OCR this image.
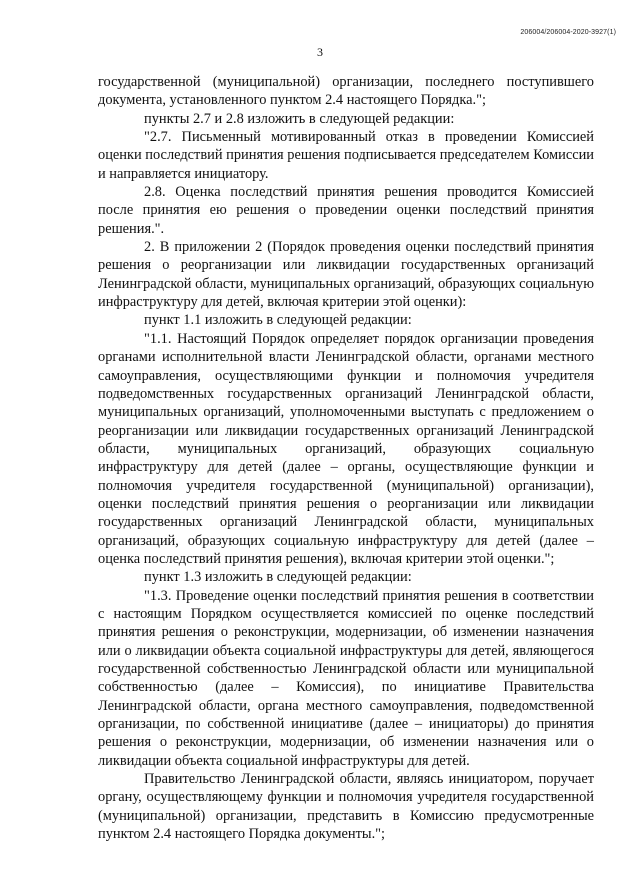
206004/206004-2020-3927(1)
3

государственной (муниципальной) организации, последнего поступившего документа, установленного пунктом 2.4 настоящего Порядка.";

пункты 2.7 и 2.8 изложить в следующей редакции:

"2.7. Письменный мотивированный отказ в проведении Комиссией оценки последствий принятия решения подписывается председателем Комиссии и направляется инициатору.

2.8. Оценка последствий принятия решения проводится Комиссией после принятия ею решения о проведении оценки последствий принятия решения.".

2. В приложении 2 (Порядок проведения оценки последствий принятия решения о реорганизации или ликвидации государственных организаций Ленинградской области, муниципальных организаций, образующих социальную инфраструктуру для детей, включая критерии этой оценки):

пункт 1.1 изложить в следующей редакции:

"1.1. Настоящий Порядок определяет порядок организации проведения органами исполнительной власти Ленинградской области, органами местного самоуправления, осуществляющими функции и полномочия учредителя подведомственных государственных организаций Ленинградской области, муниципальных организаций, уполномоченными выступать с предложением о реорганизации или ликвидации государственных организаций Ленинградской области, муниципальных организаций, образующих социальную инфраструктуру для детей (далее – органы, осуществляющие функции и полномочия учредителя государственной (муниципальной) организации), оценки последствий принятия решения о реорганизации или ликвидации государственных организаций Ленинградской области, муниципальных организаций, образующих социальную инфраструктуру для детей (далее – оценка последствий принятия решения), включая критерии этой оценки.";

пункт 1.3 изложить в следующей редакции:

"1.3. Проведение оценки последствий принятия решения в соответствии с настоящим Порядком осуществляется комиссией по оценке последствий принятия решения о реконструкции, модернизации, об изменении назначения или о ликвидации объекта социальной инфраструктуры для детей, являющегося государственной собственностью Ленинградской области или муниципальной собственностью (далее – Комиссия), по инициативе Правительства Ленинградской области, органа местного самоуправления, подведомственной организации, по собственной инициативе (далее – инициаторы) до принятия решения о реконструкции, модернизации, об изменении назначения или о ликвидации объекта социальной инфраструктуры для детей.

Правительство Ленинградской области, являясь инициатором, поручает органу, осуществляющему функции и полномочия учредителя государственной (муниципальной) организации, представить в Комиссию предусмотренные пунктом 2.4 настоящего Порядка документы.";
